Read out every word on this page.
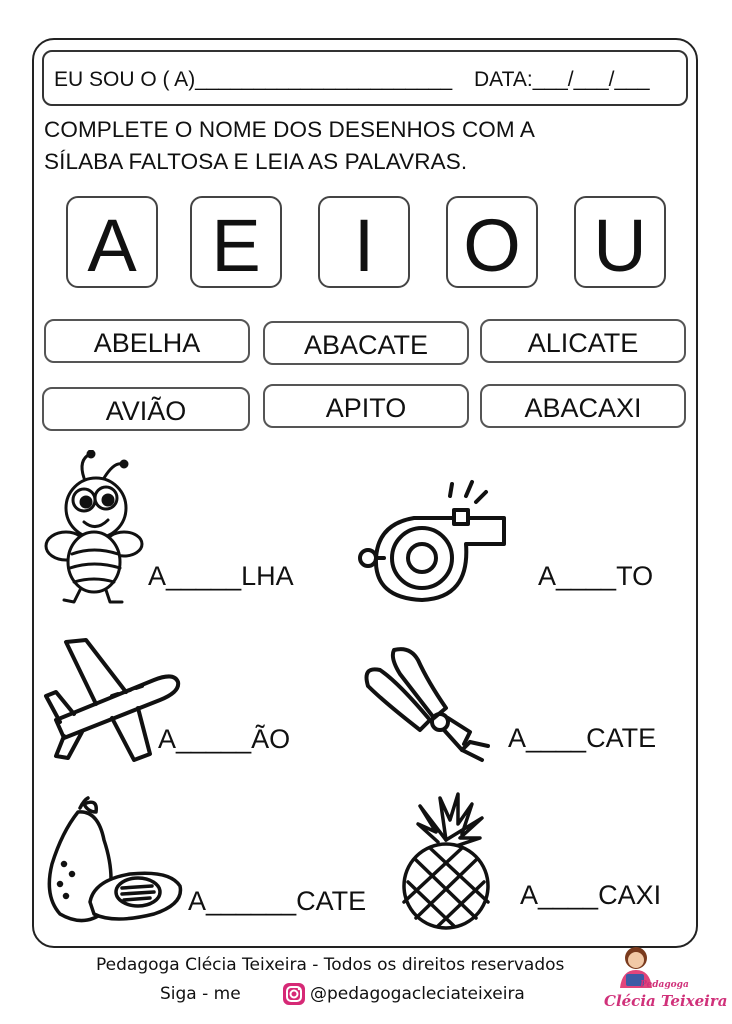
EU SOU O ( A)______________________ DATA:___/___/___
COMPLETE O NOME DOS DESENHOS COM A
SÍLABA FALTOSA E LEIA AS PALAVRAS.
A E	I	O U
ABELHA	ABACATE	ALICATE
AVIÃO	APITO	ABACAXI
A_____LHA	A____TO
A_____ÃO	A____CATE
A______CATE	A____CAXI
Pedagoga Clécia Teixeira - Todos os direitos reservados
Siga - me	@pedagogacleciateixeira	Pedagoga
Clécia Teixeira
